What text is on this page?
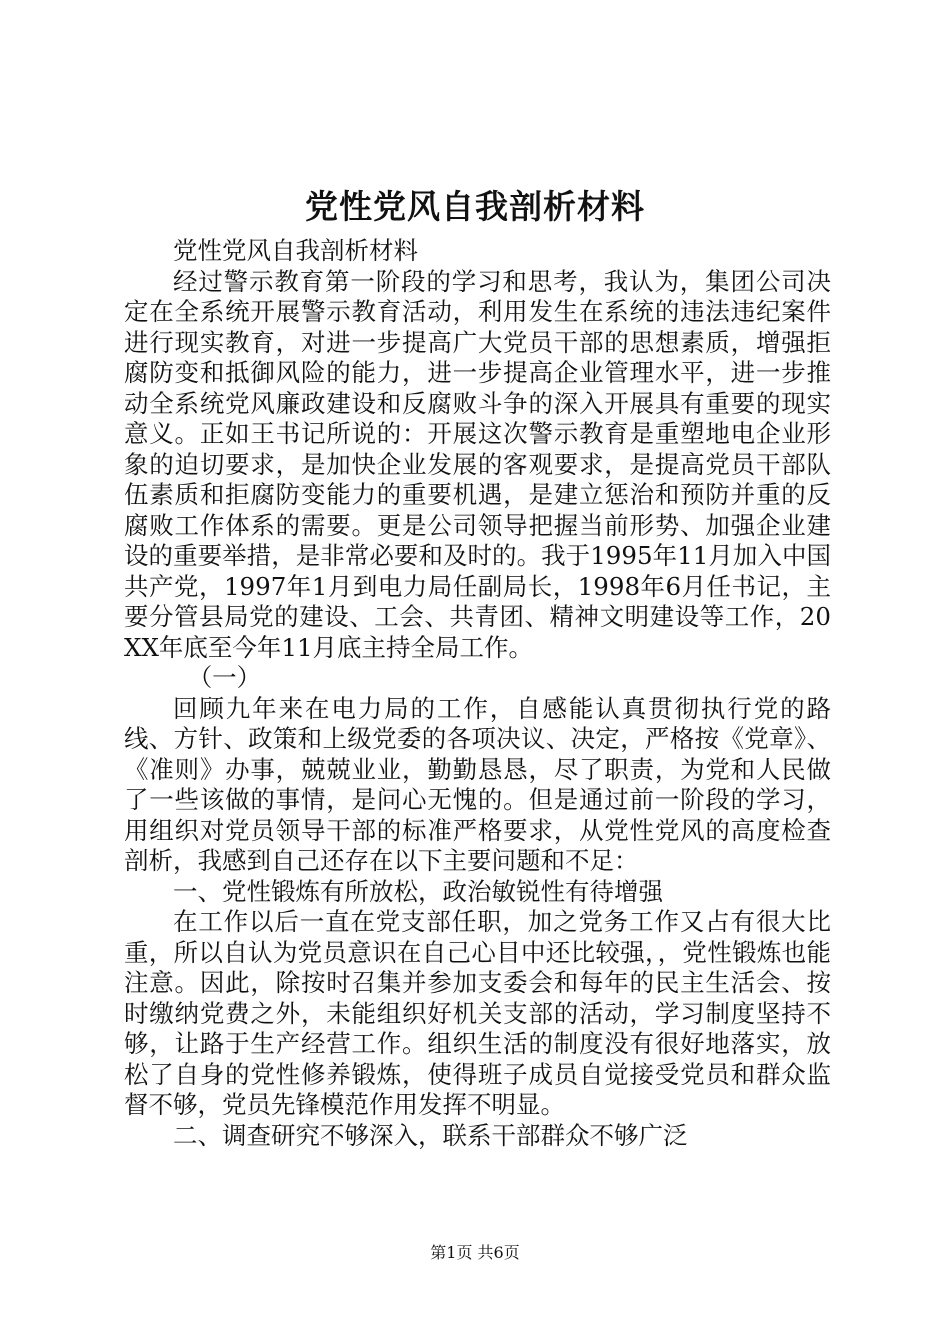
党性党风自我剖析材料

党性党风自我剖析材料

经过警示教育第一阶段的学习和思考，我认为，集团公司决定在全系统开展警示教育活动，利用发生在系统的违法违纪案件进行现实教育，对进一步提高广大党员干部的思想素质，增强拒腐防变和抵御风险的能力，进一步提高企业管理水平，进一步推动全系统党风廉政建设和反腐败斗争的深入开展具有重要的现实意义。正如王书记所说的：开展这次警示教育是重塑地电企业形象的迫切要求，是加快企业发展的客观要求，是提高党员干部队伍素质和拒腐防变能力的重要机遇，是建立惩治和预防并重的反腐败工作体系的需要。更是公司领导把握当前形势、加强企业建设的重要举措，是非常必要和及时的。我于1995年11月加入中国共产党，1997年1月到电力局任副局长，1998年6月任书记，主要分管县局党的建设、工会、共青团、精神文明建设等工作，20XX年底至今年11月底主持全局工作。

（一）

回顾九年来在电力局的工作，自感能认真贯彻执行党的路线、方针、政策和上级党委的各项决议、决定，严格按《党章》、《准则》办事，兢兢业业，勤勤恳恳，尽了职责，为党和人民做了一些该做的事情，是问心无愧的。但是通过前一阶段的学习，用组织对党员领导干部的标准严格要求，从党性党风的高度检查剖析，我感到自己还存在以下主要问题和不足：

一、党性锻炼有所放松，政治敏锐性有待增强

在工作以后一直在党支部任职，加之党务工作又占有很大比重，所以自认为党员意识在自己心目中还比较强，，党性锻炼也能注意。因此，除按时召集并参加支委会和每年的民主生活会、按时缴纳党费之外，未能组织好机关支部的活动，学习制度坚持不够，让路于生产经营工作。组织生活的制度没有很好地落实，放松了自身的党性修养锻炼，使得班子成员自觉接受党员和群众监督不够，党员先锋模范作用发挥不明显。

二、调查研究不够深入，联系干部群众不够广泛

第1页 共6页
